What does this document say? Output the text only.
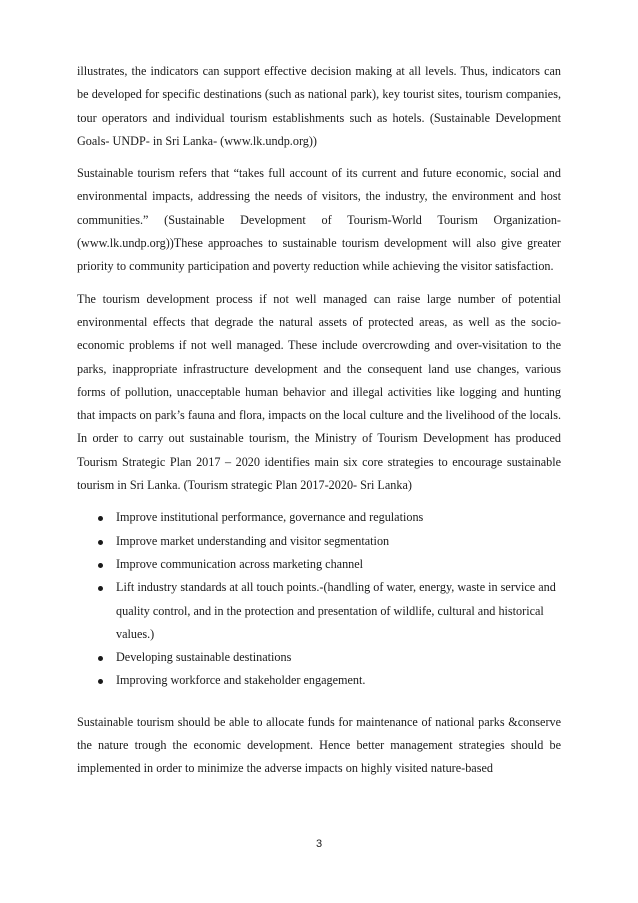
illustrates, the indicators can support effective decision making at all levels. Thus, indicators can be developed for specific destinations (such as national park), key tourist sites, tourism companies, tour operators and individual tourism establishments such as hotels. (Sustainable Development Goals- UNDP- in Sri Lanka- (www.lk.undp.org))

Sustainable tourism refers that “takes full account of its current and future economic, social and environmental impacts, addressing the needs of visitors, the industry, the environment and host communities.” (Sustainable Development of Tourism-World Tourism Organization-(www.lk.undp.org))These approaches to sustainable tourism development will also give greater priority to community participation and poverty reduction while achieving the visitor satisfaction.

The tourism development process if not well managed can raise large number of potential environmental effects that degrade the natural assets of protected areas, as well as the socio-economic problems if not well managed. These include overcrowding and over-visitation to the parks, inappropriate infrastructure development and the consequent land use changes, various forms of pollution, unacceptable human behavior and illegal activities like logging and hunting that impacts on park’s fauna and flora, impacts on the local culture and the livelihood of the locals. In order to carry out sustainable tourism, the Ministry of Tourism Development has produced Tourism Strategic Plan 2017 – 2020 identifies main six core strategies to encourage sustainable tourism in Sri Lanka. (Tourism strategic Plan 2017-2020- Sri Lanka)

Improve institutional performance, governance and regulations
Improve market understanding and visitor segmentation
Improve communication across marketing channel
Lift industry standards at all touch points.-(handling of water, energy, waste in service and quality control, and in the protection and presentation of wildlife, cultural and historical values.)
Developing sustainable destinations
Improving workforce and stakeholder engagement.

Sustainable tourism should be able to allocate funds for maintenance of national parks &conserve the nature trough the economic development. Hence better management strategies should be implemented in order to minimize the adverse impacts on highly visited nature-based

3
